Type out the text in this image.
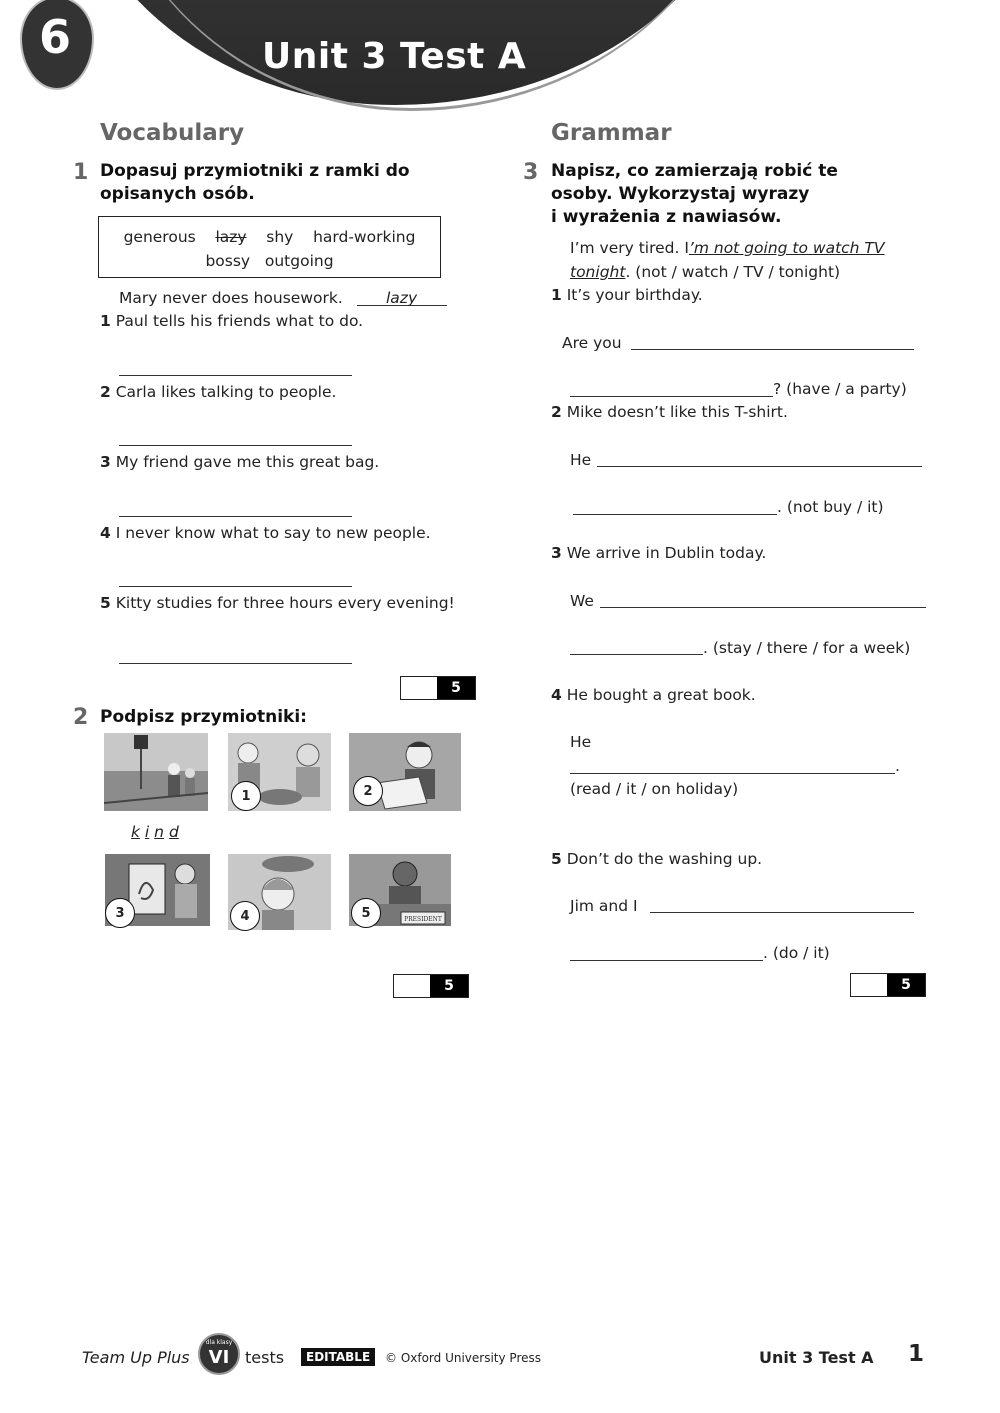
6	Unit 3 Test A
Vocabulary
1 Dopasuj przymiotniki z ramki do
opisanych osób.
generous lazy shy hard-working
bossy outgoing
Mary never does housework.	lazy
1 Paul tells his friends what to do.
2 Carla likes talking to people.
3 My friend gave me this great bag.
4 I never know what to say to new people.
5 Kitty studies for three hours every evening!
5
2 Podpisz przymiotniki:
1	2
k i n d
PRESIDENT
3	4	5
5
Grammar
3 Napisz, co zamierzają robić te
osoby. Wykorzystaj wyrazy
i wyrażenia z nawiasów.
I’m very tired. I’m not going to watch TV
tonight. (not / watch / TV / tonight)
1 It’s your birthday.
Are you
? (have / a party)
2 Mike doesn’t like this T-shirt.
He
. (not buy / it)
3 We arrive in Dublin today.
We
. (stay / there / for a week)
4 He bought a great book.
He
.
(read / it / on holiday)
5 Don’t do the washing up.
Jim and I
. (do / it)
5
Team Up Plus
dla klasy
VI tests	EDITABLE	© Oxford University Press	Unit 3 Test A 1
